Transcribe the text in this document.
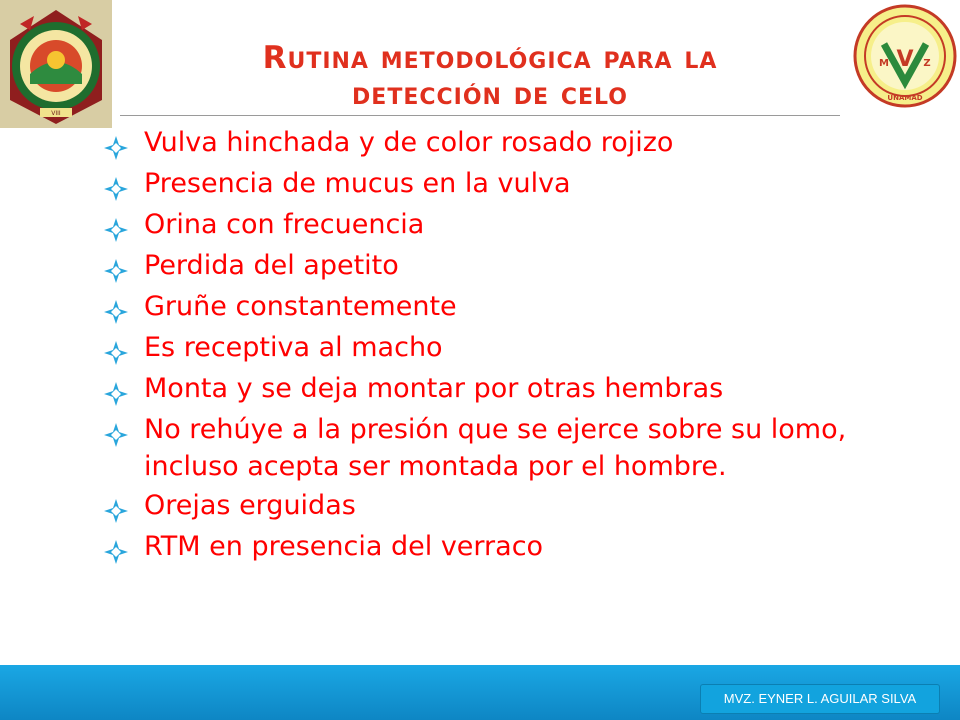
VIII
V
M	Z
UNAMAD
Rutina metodológica para la
detección de celo
Vulva hinchada y de color rosado rojizo
Presencia de mucus en la vulva
Orina con frecuencia
Perdida del apetito
Gruñe constantemente
Es receptiva al macho
Monta y se deja montar por otras hembras
No rehúye a la presión que se ejerce sobre su lomo, incluso acepta ser montada por el hombre.
Orejas erguidas
RTM en presencia del verraco
MVZ. EYNER L. AGUILAR SILVA
